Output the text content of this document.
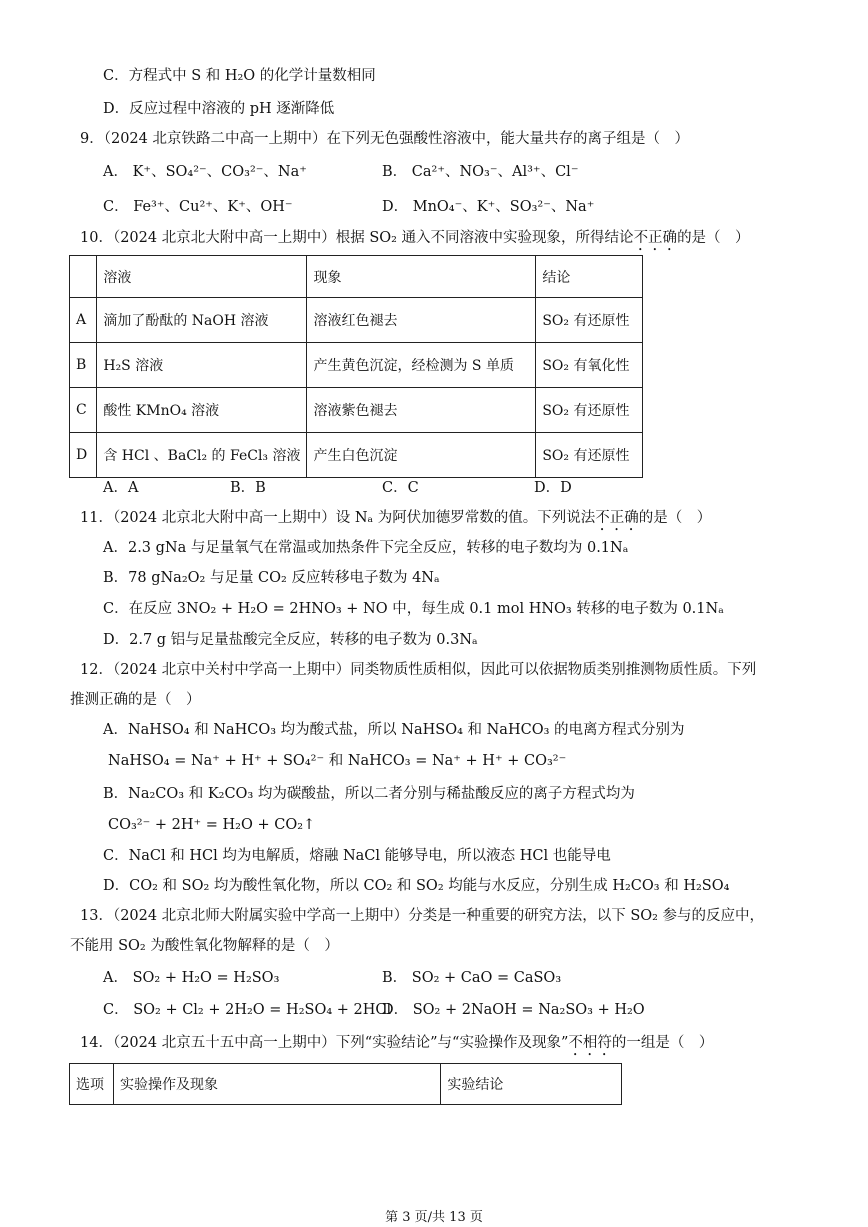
C．方程式中 S 和 H₂O 的化学计量数相同
D．反应过程中溶液的 pH 逐渐降低
9．（2024 北京铁路二中高一上期中）在下列无色强酸性溶液中，能大量共存的离子组是（　）
A． K⁺、SO₄²⁻、CO₃²⁻、Na⁺	B． Ca²⁺、NO₃⁻、Al³⁺、Cl⁻
C． Fe³⁺、Cu²⁺、K⁺、OH⁻	D． MnO₄⁻、K⁺、SO₃²⁻、Na⁺
10．（2024 北京北大附中高一上期中）根据 SO₂ 通入不同溶液中实验现象，所得结论不正确的是（　）
	溶液	现象	结论
A	滴加了酚酞的 NaOH 溶液	溶液红色褪去	SO₂ 有还原性
B	H₂S 溶液	产生黄色沉淀，经检测为 S 单质	SO₂ 有氧化性
C	酸性 KMnO₄ 溶液	溶液紫色褪去	SO₂ 有还原性
D	含 HCl 、BaCl₂ 的 FeCl₃ 溶液	产生白色沉淀	SO₂ 有还原性
A．A	B．B	C．C	D．D
11．（2024 北京北大附中高一上期中）设 Nₐ 为阿伏加德罗常数的值。下列说法不正确的是（　）
A．2.3 gNa 与足量氧气在常温或加热条件下完全反应，转移的电子数均为 0.1Nₐ
B．78 gNa₂O₂ 与足量 CO₂ 反应转移电子数为 4Nₐ
C．在反应 3NO₂ + H₂O = 2HNO₃ + NO 中，每生成 0.1 mol HNO₃ 转移的电子数为 0.1Nₐ
D．2.7 g 铝与足量盐酸完全反应，转移的电子数为 0.3Nₐ
12．（2024 北京中关村中学高一上期中）同类物质性质相似，因此可以依据物质类别推测物质性质。下列
推测正确的是（　）
A．NaHSO₄ 和 NaHCO₃ 均为酸式盐，所以 NaHSO₄ 和 NaHCO₃ 的电离方程式分别为
NaHSO₄ = Na⁺ + H⁺ + SO₄²⁻ 和 NaHCO₃ = Na⁺ + H⁺ + CO₃²⁻
B．Na₂CO₃ 和 K₂CO₃ 均为碳酸盐，所以二者分别与稀盐酸反应的离子方程式均为
CO₃²⁻ + 2H⁺ = H₂O + CO₂↑
C．NaCl 和 HCl 均为电解质，熔融 NaCl 能够导电，所以液态 HCl 也能导电
D．CO₂ 和 SO₂ 均为酸性氧化物，所以 CO₂ 和 SO₂ 均能与水反应，分别生成 H₂CO₃ 和 H₂SO₄
13．（2024 北京北师大附属实验中学高一上期中）分类是一种重要的研究方法，以下 SO₂ 参与的反应中，
不能用 SO₂ 为酸性氧化物解释的是（　）
A． SO₂ + H₂O = H₂SO₃	B． SO₂ + CaO = CaSO₃
C． SO₂ + Cl₂ + 2H₂O = H₂SO₄ + 2HCl
D． SO₂ + 2NaOH = Na₂SO₃ + H₂O
14．（2024 北京五十五中高一上期中）下列“实验结论”与“实验操作及现象”不相符的一组是（　）
选项	实验操作及现象	实验结论
第 3 页/共 13 页
